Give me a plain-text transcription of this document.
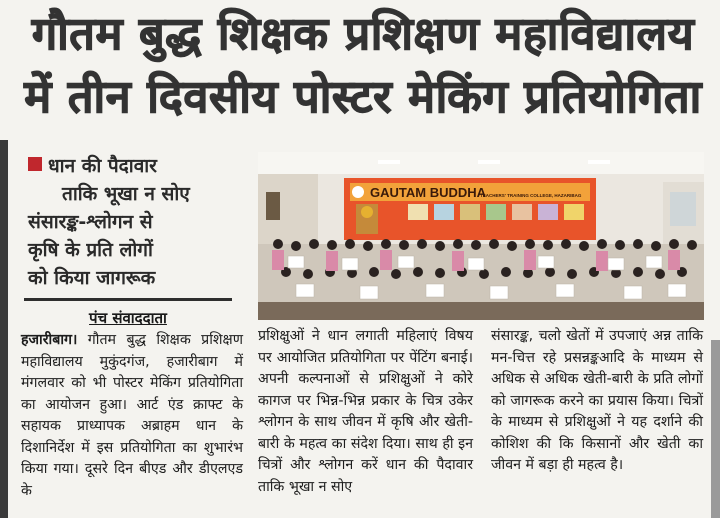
गौतम बुद्ध शिक्षक प्रशिक्षण महाविद्यालय
में तीन दिवसीय पोस्टर मेकिंग प्रतियोगिता
धान की पैदावार
ताकि भूखा न सोए
संसारङ्क-श्लोगन से
कृषि के प्रति लोगों
को किया जागरूक
पंच संवाददाता
GAUTAM BUDDHA
TEACHERS' TRAINING COLLEGE, HAZARIBAG

हजारीबाग। गौतम बुद्ध शिक्षक प्रशिक्षण महाविद्यालय मुकुंदगंज, हजारीबाग में मंगलवार को भी पोस्टर मेकिंग प्रतियोगिता का आयोजन हुआ। आर्ट एंड क्राफ्ट के सहायक प्राध्यापक अब्राहम धान के दिशानिर्देश में इस प्रतियोगिता का शुभारंभ किया गया। दूसरे दिन बीएड और डीएलएड के

प्रशिक्षुओं ने धान लगाती महिलाएं विषय पर आयोजित प्रतियोगिता पर पेंटिंग बनाई। अपनी कल्पनाओं से प्रशिक्षुओं ने कोरे कागज पर भिन्न-भिन्न प्रकार के चित्र उकेर श्लोगन के साथ जीवन में कृषि और खेती-बारी के महत्व का संदेश दिया। साथ ही इन चित्रों और श्लोगन करें धान की पैदावार ताकि भूखा न सोए

संसारङ्क, चलो खेतों में उपजाएं अन्न ताकि मन-चित्त रहे प्रसन्नङ्कआदि के माध्यम से अधिक से अधिक खेती-बारी के प्रति लोगों को जागरूक करने का प्रयास किया। चित्रों के माध्यम से प्रशिक्षुओं ने यह दर्शाने की कोशिश की कि किसानों और खेती का जीवन में बड़ा ही महत्व है।
